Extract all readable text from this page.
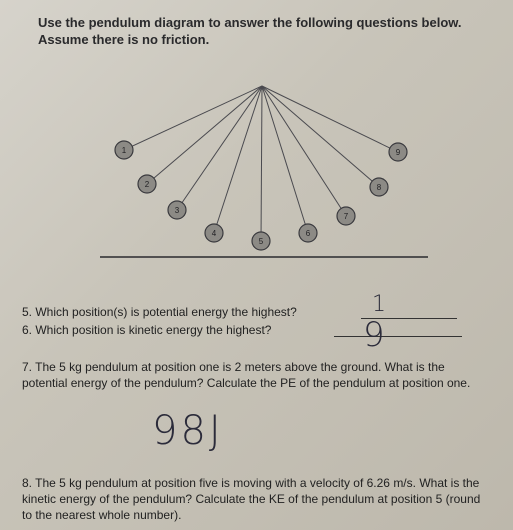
Use the pendulum diagram to answer the following questions below.
Assume there is no friction.
1
2
3
4
5
6
7
8
9
5. Which position(s) is potential energy the highest?	1
6. Which position is kinetic energy the highest?	9
7. The 5 kg pendulum at position one is 2 meters above the ground. What is the potential energy of the pendulum? Calculate the PE of the pendulum at position one.
98J
8. The 5 kg pendulum at position five is moving with a velocity of 6.26 m/s. What is the kinetic energy of the pendulum? Calculate the KE of the pendulum at position 5 (round to the nearest whole number).
